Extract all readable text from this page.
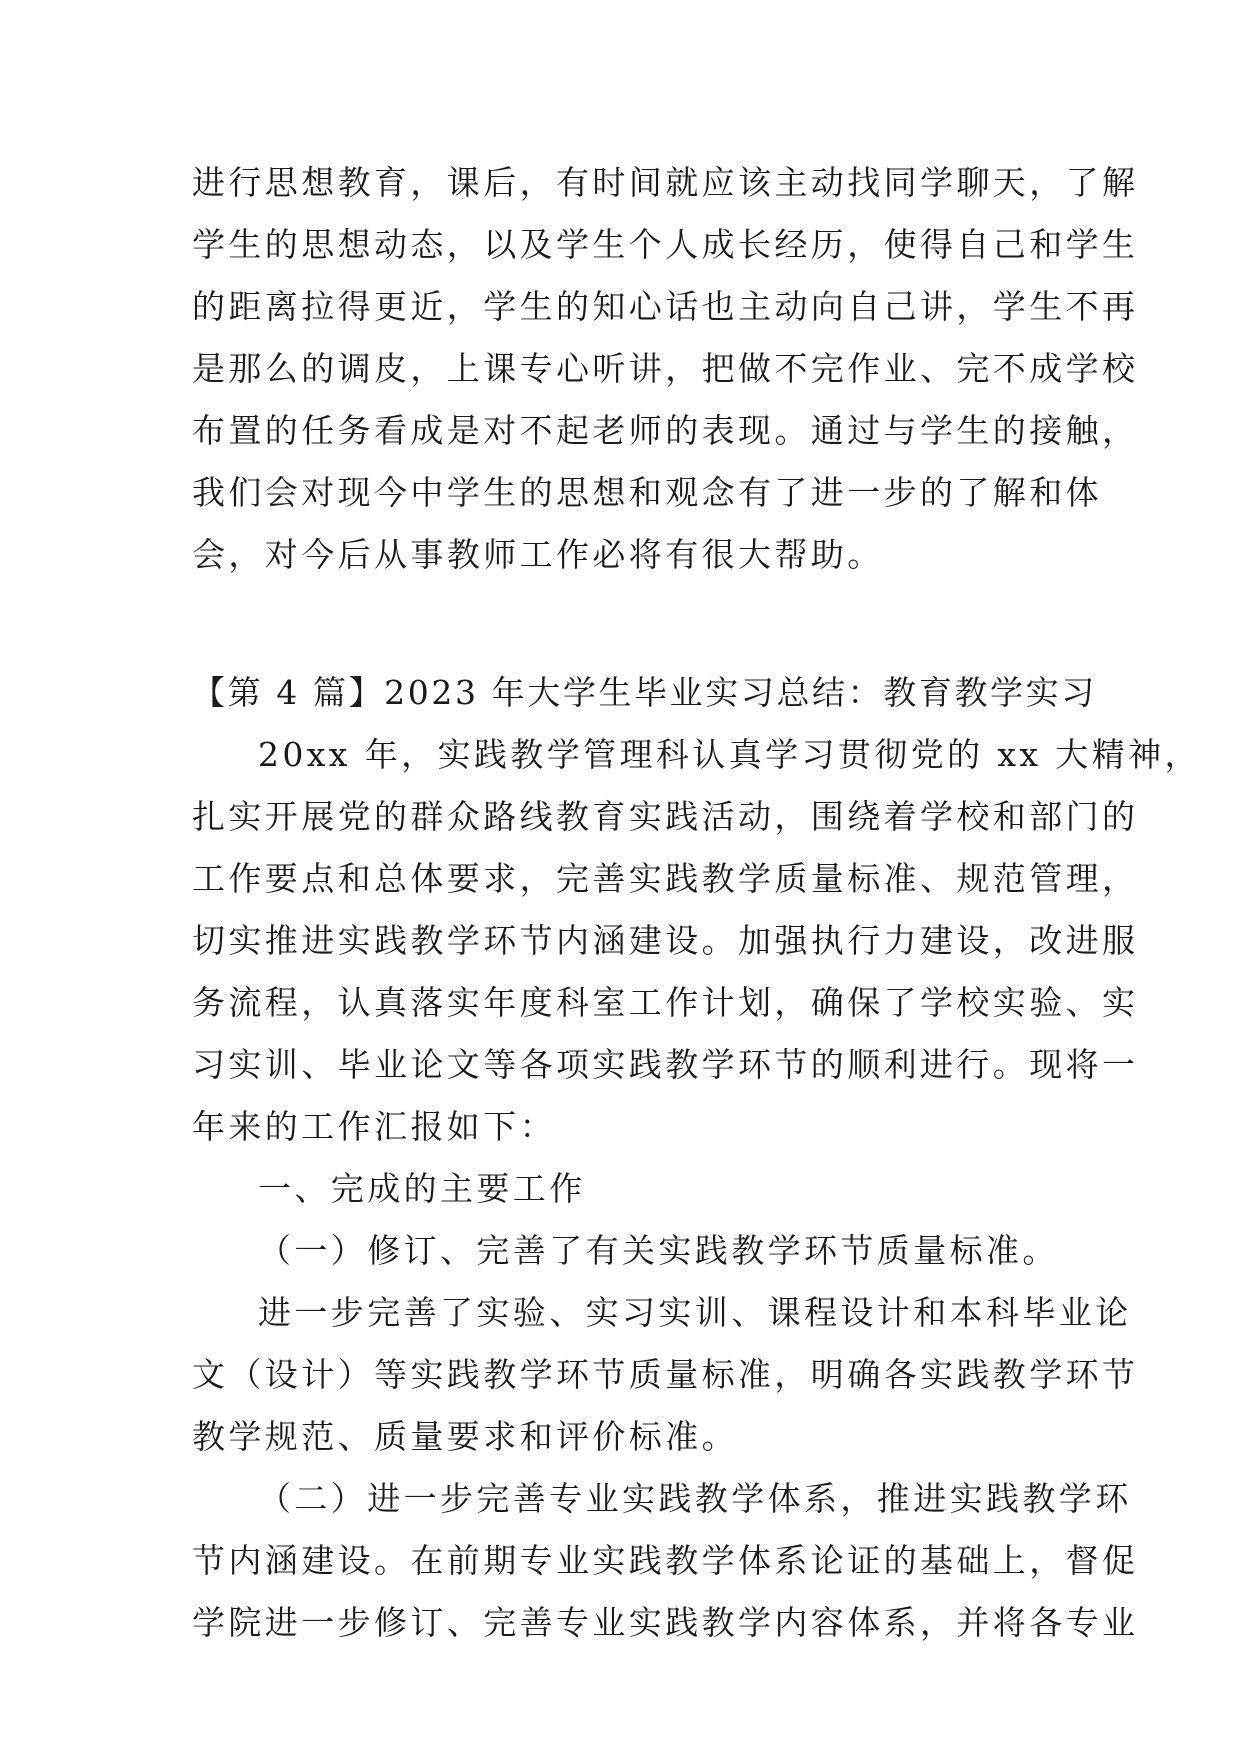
进行思想教育，课后，有时间就应该主动找同学聊天，了解
学生的思想动态，以及学生个人成长经历，使得自己和学生
的距离拉得更近，学生的知心话也主动向自己讲，学生不再
是那么的调皮，上课专心听讲，把做不完作业、完不成学校
布置的任务看成是对不起老师的表现。通过与学生的接触，
我们会对现今中学生的思想和观念有了进一步的了解和体
会，对今后从事教师工作必将有很大帮助。
【第 4 篇】2023 年大学生毕业实习总结：教育教学实习
20xx 年，实践教学管理科认真学习贯彻党的 xx 大精神，
扎实开展党的群众路线教育实践活动，围绕着学校和部门的
工作要点和总体要求，完善实践教学质量标准、规范管理，
切实推进实践教学环节内涵建设。加强执行力建设，改进服
务流程，认真落实年度科室工作计划，确保了学校实验、实
习实训、毕业论文等各项实践教学环节的顺利进行。现将一
年来的工作汇报如下：
一、完成的主要工作
（一）修订、完善了有关实践教学环节质量标准。
进一步完善了实验、实习实训、课程设计和本科毕业论
文（设计）等实践教学环节质量标准，明确各实践教学环节
教学规范、质量要求和评价标准。
（二）进一步完善专业实践教学体系，推进实践教学环
节内涵建设。在前期专业实践教学体系论证的基础上，督促
学院进一步修订、完善专业实践教学内容体系，并将各专业
